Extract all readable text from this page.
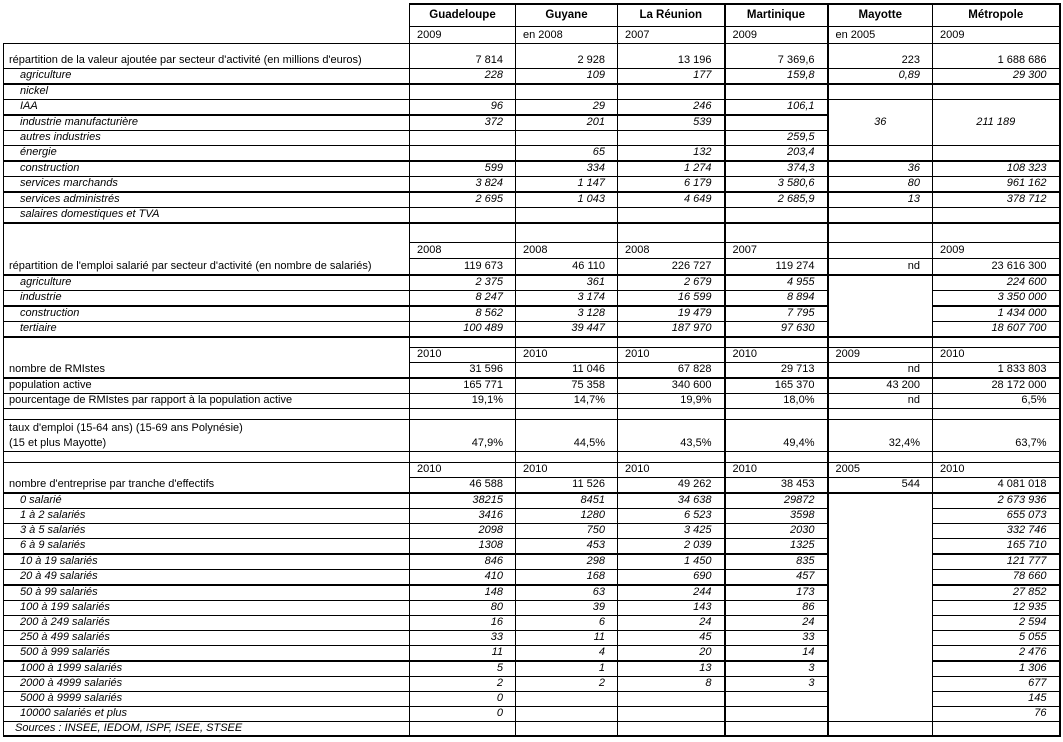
	Guadeloupe	Guyane	La Réunion	Martinique	Mayotte	Métropole
	2009	en 2008	2007	2009	en 2005	2009
répartition de la valeur ajoutée par secteur d'activité (en millions d'euros)	7 814	2 928	13 196	7 369,6	223	1 688 686
agriculture	228	109	177	159,8	0,89	29 300
nickel						
IAA	96	29	246	106,1	36	211 189
industrie manufacturière	372	201	539			
autres industries				259,5		
énergie		65	132	203,4		
construction	599	334	1 274	374,3	36	108 323
services marchands	3 824	1 147	6 179	3 580,6	80	961 162
services administrés	2 695	1 043	4 649	2 685,9	13	378 712
salaires domestiques et TVA						

	2008	2008	2008	2007		2009
répartition de l'emploi salarié par secteur d'activité (en nombre de salariés)	119 673	46 110	226 727	119 274	nd	23 616 300
agriculture	2 375	361	2 679	4 955		224 600
industrie	8 247	3 174	16 599	8 894		3 350 000
construction	8 562	3 128	19 479	7 795		1 434 000
tertiaire	100 489	39 447	187 970	97 630		18 607 700

	2010	2010	2010	2010	2009	2010
nombre de RMIstes	31 596	11 046	67 828	29 713	nd	1 833 803
population active	165 771	75 358	340 600	165 370	43 200	28 172 000
pourcentage de RMIstes par rapport à la population active	19,1%	14,7%	19,9%	18,0%	nd	6,5%

taux d'emploi (15-64 ans) (15-69 ans Polynésie)
(15 et plus Mayotte)	47,9%	44,5%	43,5%	49,4%	32,4%	63,7%

	2010	2010	2010	2010	2005	2010
nombre d'entreprise par tranche d'effectifs	46 588	11 526	49 262	38 453	544	4 081 018
0 salarié	38215	8451	34 638	29872		2 673 936
1 à 2 salariés	3416	1280	6 523	3598		655 073
3 à 5 salariés	2098	750	3 425	2030		332 746
6 à 9 salariés	1308	453	2 039	1325		165 710
10 à 19 salariés	846	298	1 450	835		121 777
20 à 49 salariés	410	168	690	457		78 660
50 à 99 salariés	148	63	244	173		27 852
100 à 199 salariés	80	39	143	86		12 935
200 à 249 salariés	16	6	24	24		2 594
250 à 499 salariés	33	11	45	33		5 055
500 à 999 salariés	11	4	20	14		2 476
1000 à 1999 salariés	5	1	13	3		1 306
2000 à 4999 salariés	2	2	8	3		677
5000 à 9999 salariés	0					145
10000 salariés et plus	0					76

Sources : INSEE, IEDOM, ISPF, ISEE, STSEE
